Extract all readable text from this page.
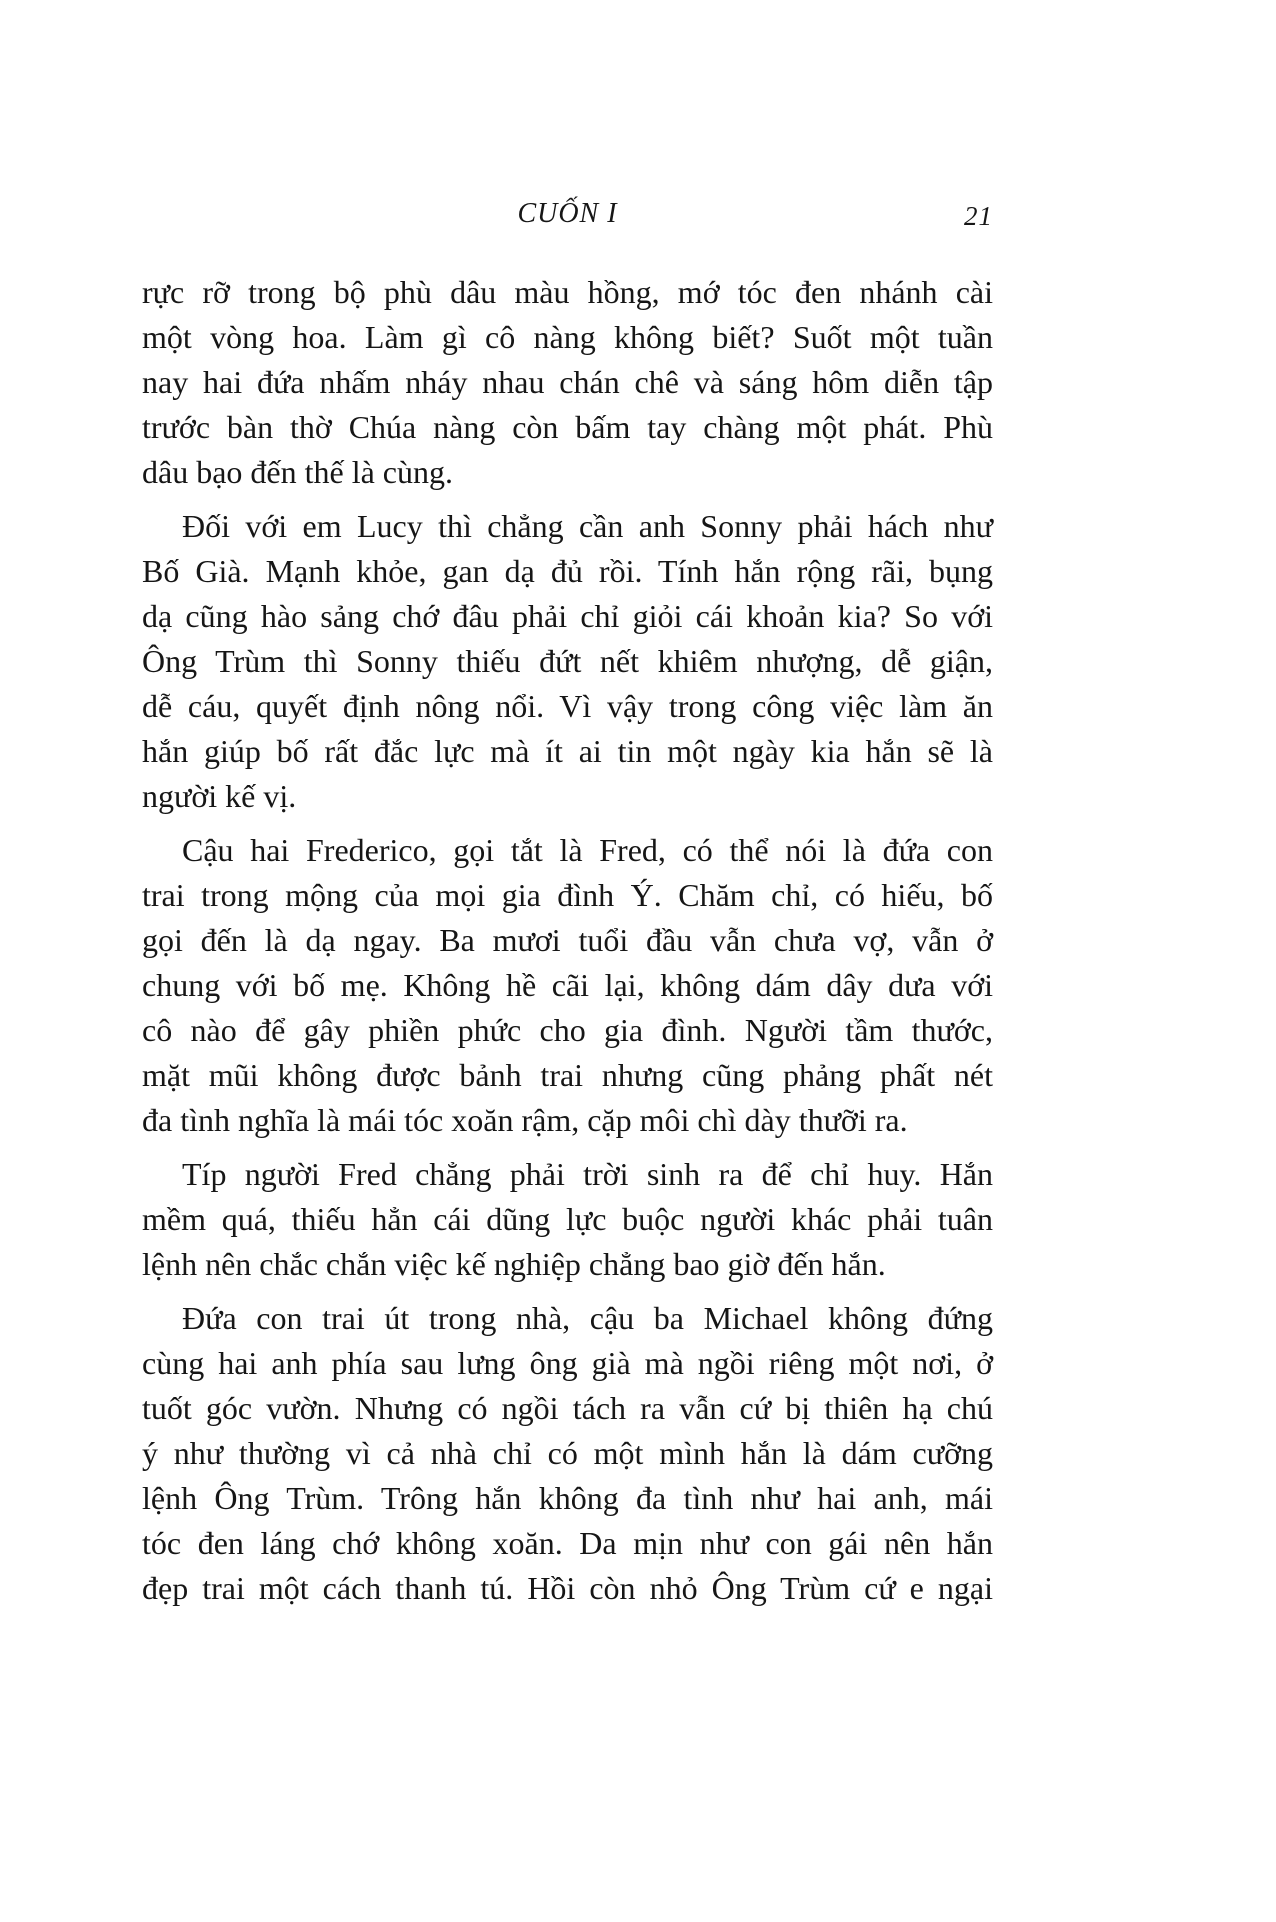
CUỐN I	21

rực rỡ trong bộ phù dâu màu hồng, mớ tóc đen nhánh cài
một vòng hoa. Làm gì cô nàng không biết? Suốt một tuần
nay hai đứa nhấm nháy nhau chán chê và sáng hôm diễn tập
trước bàn thờ Chúa nàng còn bấm tay chàng một phát. Phù
dâu bạo đến thế là cùng.

Đối với em Lucy thì chẳng cần anh Sonny phải hách như
Bố Già. Mạnh khỏe, gan dạ đủ rồi. Tính hắn rộng rãi, bụng
dạ cũng hào sảng chớ đâu phải chỉ giỏi cái khoản kia? So với
Ông Trùm thì Sonny thiếu đứt nết khiêm nhượng, dễ giận,
dễ cáu, quyết định nông nổi. Vì vậy trong công việc làm ăn
hắn giúp bố rất đắc lực mà ít ai tin một ngày kia hắn sẽ là
người kế vị.

Cậu hai Frederico, gọi tắt là Fred, có thể nói là đứa con
trai trong mộng của mọi gia đình Ý. Chăm chỉ, có hiếu, bố
gọi đến là dạ ngay. Ba mươi tuổi đầu vẫn chưa vợ, vẫn ở
chung với bố mẹ. Không hề cãi lại, không dám dây dưa với
cô nào để gây phiền phức cho gia đình. Người tầm thước,
mặt mũi không được bảnh trai nhưng cũng phảng phất nét
đa tình nghĩa là mái tóc xoăn rậm, cặp môi chì dày thưỡi ra.

Típ người Fred chẳng phải trời sinh ra để chỉ huy. Hắn
mềm quá, thiếu hẳn cái dũng lực buộc người khác phải tuân
lệnh nên chắc chắn việc kế nghiệp chẳng bao giờ đến hắn.

Đứa con trai út trong nhà, cậu ba Michael không đứng
cùng hai anh phía sau lưng ông già mà ngồi riêng một nơi, ở
tuốt góc vườn. Nhưng có ngồi tách ra vẫn cứ bị thiên hạ chú
ý như thường vì cả nhà chỉ có một mình hắn là dám cưỡng
lệnh Ông Trùm. Trông hắn không đa tình như hai anh, mái
tóc đen láng chớ không xoăn. Da mịn như con gái nên hắn
đẹp trai một cách thanh tú. Hồi còn nhỏ Ông Trùm cứ e ngại
